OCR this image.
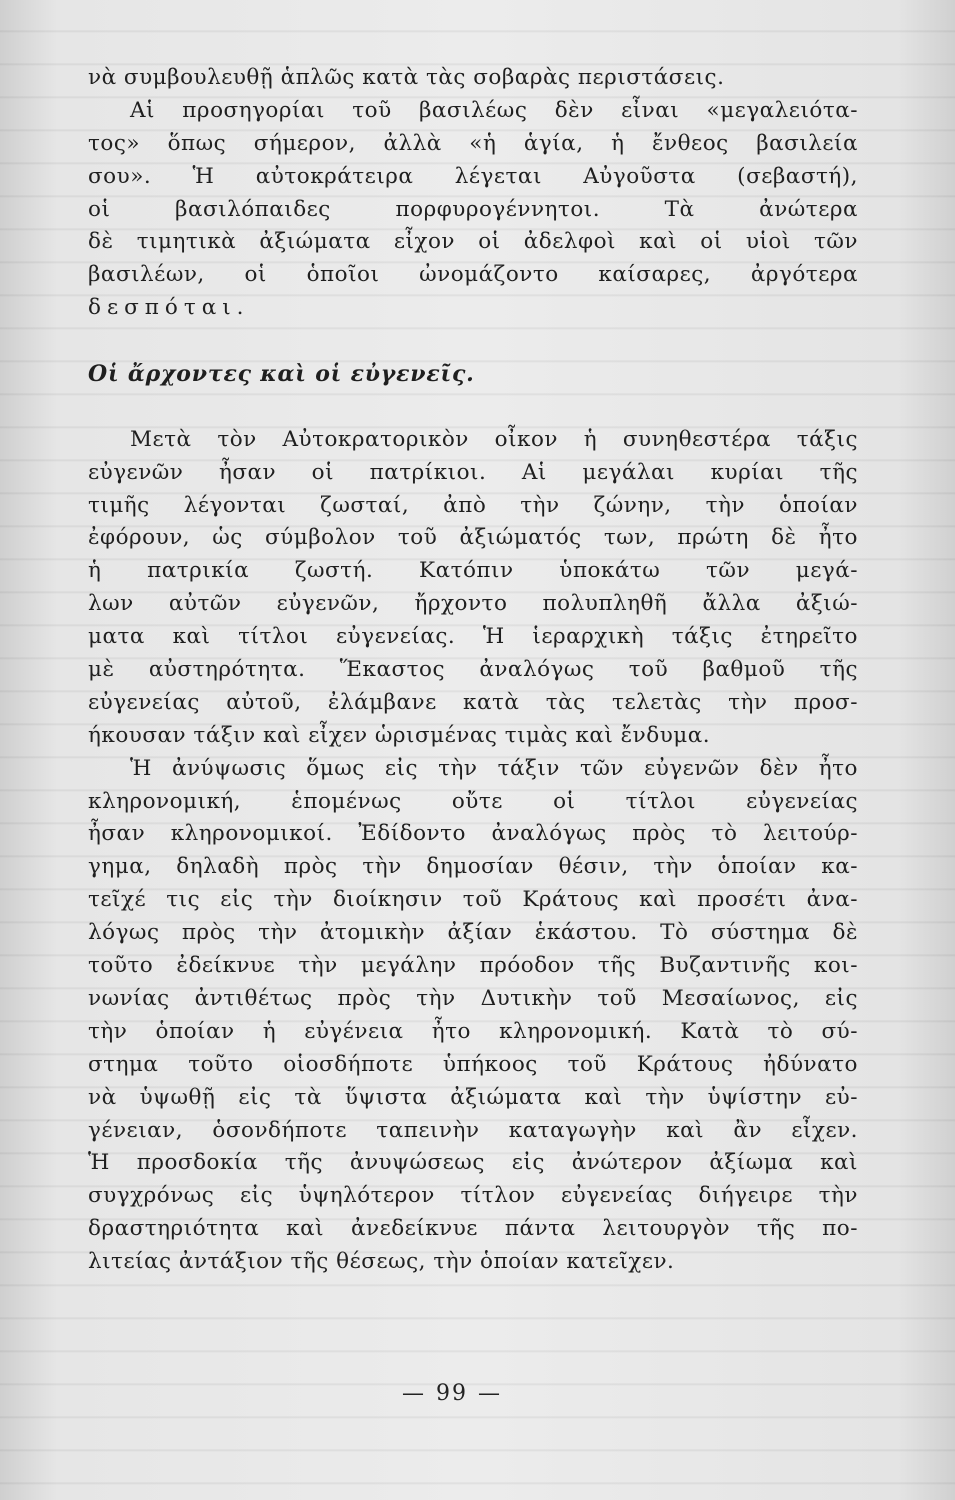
νὰ συμβουλευθῇ ἁπλῶς κατὰ τὰς σοβαρὰς περιστάσεις.
Αἱ προσηγορίαι τοῦ βασιλέως δὲν εἶναι «μεγαλειότα-
τος» ὅπως σήμερον, ἀλλὰ «ἡ ἁγία, ἡ ἔνθεος βασιλεία
σου». Ἡ αὐτοκράτειρα λέγεται Αὐγοῦστα (σεβαστή),
οἱ βασιλόπαιδες πορφυρογέννητοι. Τὰ ἀνώτερα
δὲ τιμητικὰ ἀξιώματα εἶχον οἱ ἀδελφοὶ καὶ οἱ υἱοὶ τῶν
βασιλέων, οἱ ὁποῖοι ὠνομάζοντο καίσαρες, ἀργότερα
δεσπόται.
Οἱ ἄρχοντες καὶ οἱ εὐγενεῖς.
Μετὰ τὸν Αὐτοκρατορικὸν οἶκον ἡ συνηθεστέρα τάξις
εὐγενῶν ἦσαν οἱ πατρίκιοι. Αἱ μεγάλαι κυρίαι τῆς
τιμῆς λέγονται ζωσταί, ἀπὸ τὴν ζώνην, τὴν ὁποίαν
ἐφόρουν, ὡς σύμβολον τοῦ ἀξιώματός των, πρώτη δὲ ἦτο
ἡ πατρικία ζωστή. Κατόπιν ὑποκάτω τῶν μεγά-
λων αὐτῶν εὐγενῶν, ἤρχοντο πολυπληθῆ ἄλλα ἀξιώ-
ματα καὶ τίτλοι εὐγενείας. Ἡ ἱεραρχικὴ τάξις ἐτηρεῖτο
μὲ αὐστηρότητα. Ἕκαστος ἀναλόγως τοῦ βαθμοῦ τῆς
εὐγενείας αὐτοῦ, ἐλάμβανε κατὰ τὰς τελετὰς τὴν προσ-
ήκουσαν τάξιν καὶ εἶχεν ὡρισμένας τιμὰς καὶ ἔνδυμα.
Ἡ ἀνύψωσις ὅμως εἰς τὴν τάξιν τῶν εὐγενῶν δὲν ἦτο
κληρονομική, ἑπομένως οὔτε οἱ τίτλοι εὐγενείας
ἦσαν κληρονομικοί. Ἐδίδοντο ἀναλόγως πρὸς τὸ λειτούρ-
γημα, δηλαδὴ πρὸς τὴν δημοσίαν θέσιν, τὴν ὁποίαν κα-
τεῖχέ τις εἰς τὴν διοίκησιν τοῦ Κράτους καὶ προσέτι ἀνα-
λόγως πρὸς τὴν ἀτομικὴν ἀξίαν ἑκάστου. Τὸ σύστημα δὲ
τοῦτο ἐδείκνυε τὴν μεγάλην πρόοδον τῆς Βυζαντινῆς κοι-
νωνίας ἀντιθέτως πρὸς τὴν Δυτικὴν τοῦ Μεσαίωνος, εἰς
τὴν ὁποίαν ἡ εὐγένεια ἦτο κληρονομική. Κατὰ τὸ σύ-
στημα τοῦτο οἱοσδήποτε ὑπήκοος τοῦ Κράτους ἠδύνατο
νὰ ὑψωθῇ εἰς τὰ ὕψιστα ἀξιώματα καὶ τὴν ὑψίστην εὐ-
γένειαν, ὁσονδήποτε ταπεινὴν καταγωγὴν καὶ ἂν εἶχεν.
Ἡ προσδοκία τῆς ἀνυψώσεως εἰς ἀνώτερον ἀξίωμα καὶ
συγχρόνως εἰς ὑψηλότερον τίτλον εὐγενείας διήγειρε τὴν
δραστηριότητα καὶ ἀνεδείκνυε πάντα λειτουργὸν τῆς πο-
λιτείας ἀντάξιον τῆς θέσεως, τὴν ὁποίαν κατεῖχεν.
— 99 —
